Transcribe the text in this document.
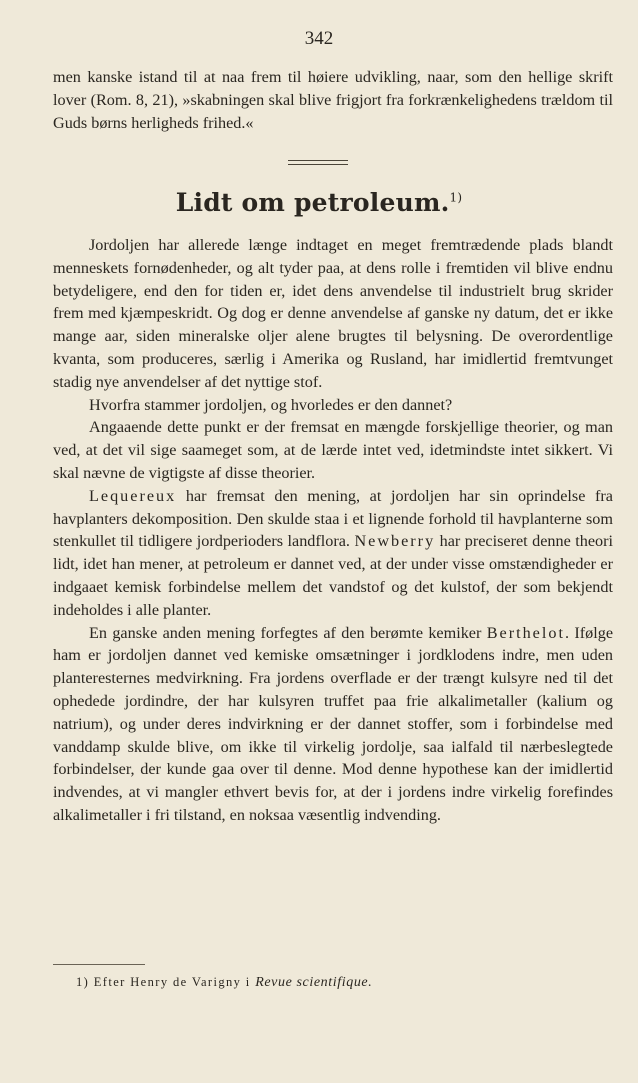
342

men kanske istand til at naa frem til høiere udvikling, naar, som den hellige skrift lover (Rom. 8, 21), »skabningen skal blive frigjort fra forkrænkelighedens trældom til Guds børns herligheds frihed.«

Lidt om petroleum.$^{1)}$

Jordoljen har allerede længe indtaget en meget fremtrædende plads blandt menneskets fornødenheder, og alt tyder paa, at dens rolle i fremtiden vil blive endnu betydeligere, end den for tiden er, idet dens anvendelse til industrielt brug skrider frem med kjæmpeskridt. Og dog er denne anvendelse af ganske ny datum, det er ikke mange aar, siden mineralske oljer alene brugtes til belysning. De overordentlige kvanta, som produceres, særlig i Amerika og Rusland, har imidlertid fremtvunget stadig nye anvendelser af det nyttige stof.

Hvorfra stammer jordoljen, og hvorledes er den dannet?

Angaaende dette punkt er der fremsat en mængde forskjellige theorier, og man ved, at det vil sige saameget som, at de lærde intet ved, idetmindste intet sikkert. Vi skal nævne de vigtigste af disse theorier.

Lequereux har fremsat den mening, at jordoljen har sin oprindelse fra havplanters dekomposition. Den skulde staa i et lignende forhold til havplanterne som stenkullet til tidligere jordperioders landflora. Newberry har preciseret denne theori lidt, idet han mener, at petroleum er dannet ved, at der under visse omstændigheder er indgaaet kemisk forbindelse mellem det vandstof og det kulstof, der som bekjendt indeholdes i alle planter.

En ganske anden mening forfegtes af den berømte kemiker Berthelot. Ifølge ham er jordoljen dannet ved kemiske omsætninger i jordklodens indre, men uden planteresternes medvirkning. Fra jordens overflade er der trængt kulsyre ned til det ophedede jordindre, der har kulsyren truffet paa frie alkalimetaller (kalium og natrium), og under deres indvirkning er der dannet stoffer, som i forbindelse med vanddamp skulde blive, om ikke til virkelig jordolje, saa ialfald til nærbeslegtede forbindelser, der kunde gaa over til denne. Mod denne hypothese kan der imidlertid indvendes, at vi mangler ethvert bevis for, at der i jordens indre virkelig forefindes alkalimetaller i fri tilstand, en noksaa væsentlig indvending.

1) Efter Henry de Varigny i Revue scientifique.
